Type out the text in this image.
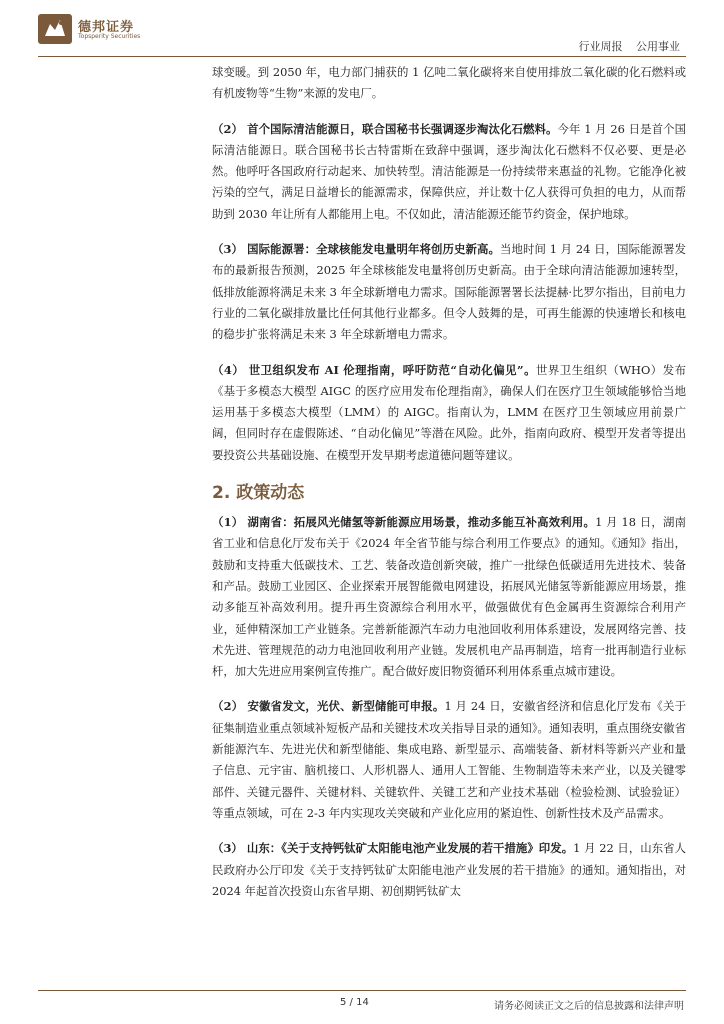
德邦证券
Topsperity Securities
行业周报 公用事业

球变暖。到 2050 年，电力部门捕获的 1 亿吨二氧化碳将来自使用排放二氧化碳的化石燃料或有机废物等“生物”来源的发电厂。

（2） 首个国际清洁能源日，联合国秘书长强调逐步淘汰化石燃料。今年 1 月 26 日是首个国际清洁能源日。联合国秘书长古特雷斯在致辞中强调，逐步淘汰化石燃料不仅必要、更是必然。他呼吁各国政府行动起来、加快转型。清洁能源是一份持续带来惠益的礼物。它能净化被污染的空气，满足日益增长的能源需求，保障供应，并让数十亿人获得可负担的电力，从而帮助到 2030 年让所有人都能用上电。不仅如此，清洁能源还能节约资金，保护地球。

（3） 国际能源署：全球核能发电量明年将创历史新高。当地时间 1 月 24 日，国际能源署发布的最新报告预测，2025 年全球核能发电量将创历史新高。由于全球向清洁能源加速转型，低排放能源将满足未来 3 年全球新增电力需求。国际能源署署长法提赫·比罗尔指出，目前电力行业的二氧化碳排放量比任何其他行业都多。但令人鼓舞的是，可再生能源的快速增长和核电的稳步扩张将满足未来 3 年全球新增电力需求。

（4） 世卫组织发布 AI 伦理指南，呼吁防范“自动化偏见”。世界卫生组织（WHO）发布《基于多模态大模型 AIGC 的医疗应用发布伦理指南》，确保人们在医疗卫生领域能够恰当地运用基于多模态大模型（LMM）的 AIGC。指南认为，LMM 在医疗卫生领域应用前景广阔，但同时存在虚假陈述、“自动化偏见”等潜在风险。此外，指南向政府、模型开发者等提出要投资公共基础设施、在模型开发早期考虑道德问题等建议。

2. 政策动态

（1） 湖南省：拓展风光储氢等新能源应用场景，推动多能互补高效利用。1 月 18 日，湖南省工业和信息化厅发布关于《2024 年全省节能与综合利用工作要点》的通知。《通知》指出，鼓励和支持重大低碳技术、工艺、装备改造创新突破，推广一批绿色低碳适用先进技术、装备和产品。鼓励工业园区、企业探索开展智能微电网建设，拓展风光储氢等新能源应用场景，推动多能互补高效利用。提升再生资源综合利用水平，做强做优有色金属再生资源综合利用产业，延伸精深加工产业链条。完善新能源汽车动力电池回收利用体系建设，发展网络完善、技术先进、管理规范的动力电池回收利用产业链。发展机电产品再制造，培育一批再制造行业标杆，加大先进应用案例宣传推广。配合做好废旧物资循环利用体系重点城市建设。

（2） 安徽省发文，光伏、新型储能可申报。1 月 24 日，安徽省经济和信息化厅发布《关于征集制造业重点领域补短板产品和关键技术攻关指导目录的通知》。通知表明，重点围绕安徽省新能源汽车、先进光伏和新型储能、集成电路、新型显示、高端装备、新材料等新兴产业和量子信息、元宇宙、脑机接口、人形机器人、通用人工智能、生物制造等未来产业，以及关键零部件、关键元器件、关键材料、关键软件、关键工艺和产业技术基础（检验检测、试验验证）等重点领域，可在 2-3 年内实现攻关突破和产业化应用的紧迫性、创新性技术及产品需求。

（3） 山东：《关于支持钙钛矿太阳能电池产业发展的若干措施》印发。1 月 22 日，山东省人民政府办公厅印发《关于支持钙钛矿太阳能电池产业发展的若干措施》的通知。通知指出，对 2024 年起首次投资山东省早期、初创期钙钛矿太

5 / 14	请务必阅读正文之后的信息披露和法律声明
